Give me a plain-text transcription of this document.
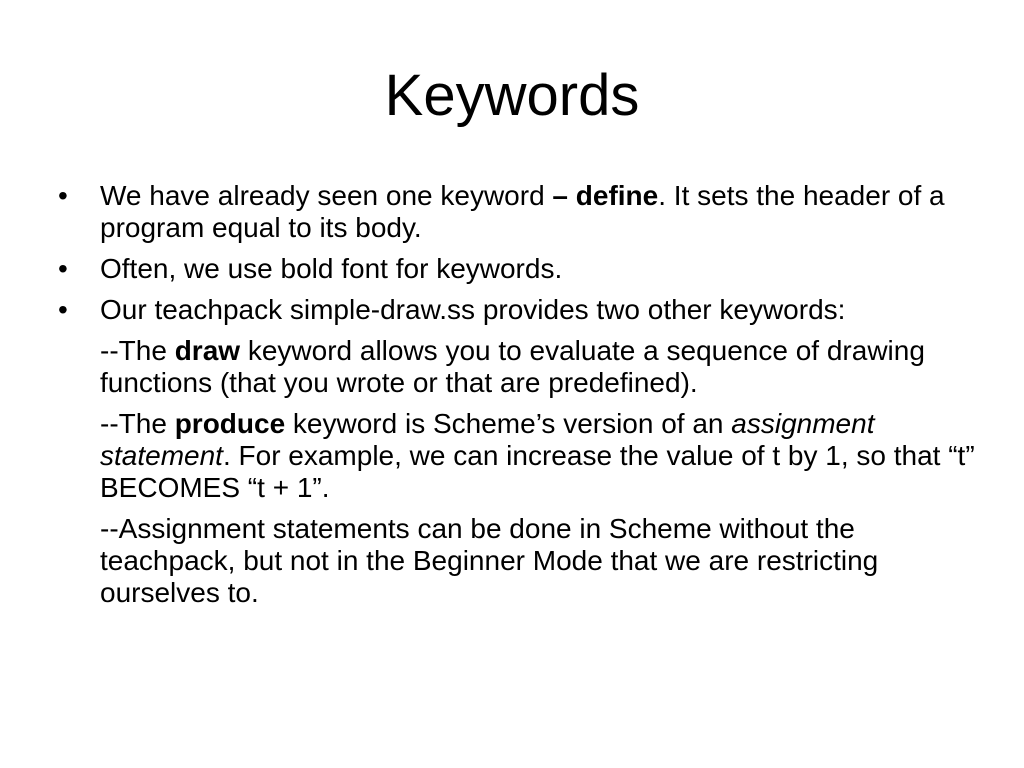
Keywords
•	We have already seen one keyword – define. It sets the header of a program equal to its body.
•	Often, we use bold font for keywords.
•	Our teachpack simple-draw.ss provides two other keywords:
--The draw keyword allows you to evaluate a sequence of drawing functions (that you wrote or that are predefined).
--The produce keyword is Scheme’s version of an assignment statement. For example, we can increase the value of t by 1, so that “t” BECOMES “t + 1”.
--Assignment statements can be done in Scheme without the teachpack, but not in the Beginner Mode that we are restricting ourselves to.
